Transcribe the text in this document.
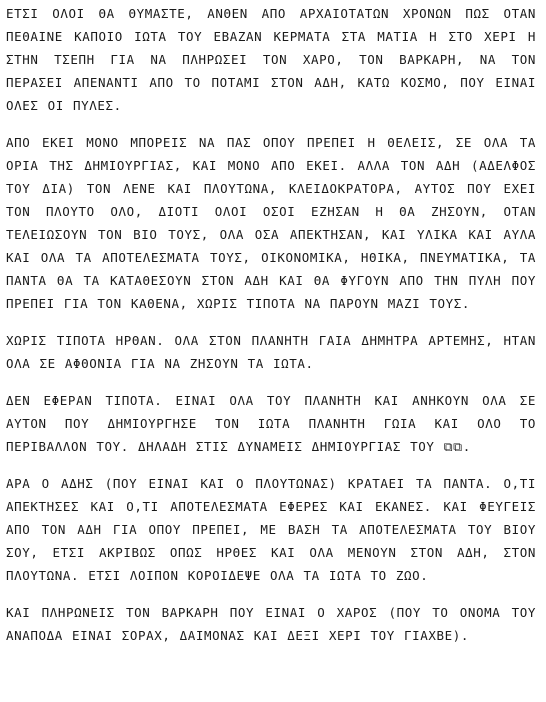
ΕΤΣΙ ΟΛΟΙ ΘΑ ΘΥΜΑΣΤΕ, ΑΝΘΕΝ ΑΠΟ ΑΡΧΑΙΟΤΑΤΩΝ ΧΡΟΝΩΝ ΠΩΣ ΟΤΑΝ ΠΕΘΑΙΝΕ ΚΑΠΟΙΟ ΙΩΤΑ ΤΟΥ ΕΒΑΖΑΝ ΚΕΡΜΑΤΑ ΣΤΑ ΜΑΤΙΑ Η ΣΤΟ ΧΕΡΙ Η ΣΤΗΝ ΤΣΕΠΗ ΓΙΑ ΝΑ ΠΛΗΡΩΣΕΙ ΤΟΝ ΧΑΡΟ, ΤΟΝ ΒΑΡΚΑΡΗ, ΝΑ ΤΟΝ ΠΕΡΑΣΕΙ ΑΠΕΝΑΝΤΙ ΑΠΟ ΤΟ ΠΟΤΑΜΙ ΣΤΟΝ ΑΔΗ, ΚΑΤΩ ΚΟΣΜΟ, ΠΟΥ ΕΙΝΑΙ ΟΛΕΣ ΟΙ ΠΥΛΕΣ.

ΑΠΟ ΕΚΕΙ ΜΟΝΟ ΜΠΟΡΕΙΣ ΝΑ ΠΑΣ ΟΠΟΥ ΠΡΕΠΕΙ Η ΘΕΛΕΙΣ, ΣΕ ΟΛΑ ΤΑ ΟΡΙΑ ΤΗΣ ΔΗΜΙΟΥΡΓΙΑΣ, ΚΑΙ ΜΟΝΟ ΑΠΟ ΕΚΕΙ. ΑΛΛΑ ΤΟΝ ΑΔΗ (ΑΔΕΛΦΟΣ ΤΟΥ ΔΙΑ) ΤΟΝ ΛΕΝΕ ΚΑΙ ΠΛΟΥΤΩΝΑ, ΚΛΕΙΔΟΚΡΑΤΟΡΑ, ΑΥΤΟΣ ΠΟΥ ΕΧΕΙ ΤΟΝ ΠΛΟΥΤΟ ΟΛΟ, ΔΙΟΤΙ ΟΛΟΙ ΟΣΟΙ ΕΖΗΣΑΝ Η ΘΑ ΖΗΣΟΥΝ, ΟΤΑΝ ΤΕΛΕΙΩΣΟΥΝ ΤΟΝ ΒΙΟ ΤΟΥΣ, ΟΛΑ ΟΣΑ ΑΠΕΚΤΗΣΑΝ, ΚΑΙ ΥΛΙΚΑ ΚΑΙ ΑΥΛΑ ΚΑΙ ΟΛΑ ΤΑ ΑΠΟΤΕΛΕΣΜΑΤΑ ΤΟΥΣ, ΟΙΚΟΝΟΜΙΚΑ, ΗΘΙΚΑ, ΠΝΕΥΜΑΤΙΚΑ, ΤΑ ΠΑΝΤΑ ΘΑ ΤΑ ΚΑΤΑΘΕΣΟΥΝ ΣΤΟΝ ΑΔΗ ΚΑΙ ΘΑ ΦΥΓΟΥΝ ΑΠΟ ΤΗΝ ΠΥΛΗ ΠΟΥ ΠΡΕΠΕΙ ΓΙΑ ΤΟΝ ΚΑΘΕΝΑ, ΧΩΡΙΣ ΤΙΠΟΤΑ ΝΑ ΠΑΡΟΥΝ ΜΑΖΙ ΤΟΥΣ.

ΧΩΡΙΣ ΤΙΠΟΤΑ ΗΡΘΑΝ. ΟΛΑ ΣΤΟΝ ΠΛΑΝΗΤΗ ΓΑΙΑ ΔΗΜΗΤΡΑ ΑΡΤΕΜΗΣ, ΗΤΑΝ ΟΛΑ ΣΕ ΑΦΘΟΝΙΑ ΓΙΑ ΝΑ ΖΗΣΟΥΝ ΤΑ ΙΩΤΑ.

ΔΕΝ ΕΦΕΡΑΝ ΤΙΠΟΤΑ. ΕΙΝΑΙ ΟΛΑ ΤΟΥ ΠΛΑΝΗΤΗ ΚΑΙ ΑΝΗΚΟΥΝ ΟΛΑ ΣΕ ΑΥΤΟΝ ΠΟΥ ΔΗΜΙΟΥΡΓΗΣΕ ΤΟΝ ΙΩΤΑ ΠΛΑΝΗΤΗ ΓΩΙΑ ΚΑΙ ΟΛΟ ΤΟ ΠΕΡΙΒΑΛΛΟΝ ΤΟΥ. ΔΗΛΑΔΗ ΣΤΙΣ ΔΥΝΑΜΕΙΣ ΔΗΜΙΟΥΡΓΙΑΣ ΤΟΥ ⧉⧉.

ΑΡΑ Ο ΑΔΗΣ (ΠΟΥ ΕΙΝΑΙ ΚΑΙ Ο ΠΛΟΥΤΩΝΑΣ) ΚΡΑΤΑΕΙ ΤΑ ΠΑΝΤΑ. Ο,ΤΙ ΑΠΕΚΤΗΣΕΣ ΚΑΙ Ο,ΤΙ ΑΠΟΤΕΛΕΣΜΑΤΑ ΕΦΕΡΕΣ ΚΑΙ ΕΚΑΝΕΣ. ΚΑΙ ΦΕΥΓΕΙΣ ΑΠΟ ΤΟΝ ΑΔΗ ΓΙΑ ΟΠΟΥ ΠΡΕΠΕΙ, ΜΕ ΒΑΣΗ ΤΑ ΑΠΟΤΕΛΕΣΜΑΤΑ ΤΟΥ ΒΙΟΥ ΣΟΥ, ΕΤΣΙ ΑΚΡΙΒΩΣ ΟΠΩΣ ΗΡΘΕΣ ΚΑΙ ΟΛΑ ΜΕΝΟΥΝ ΣΤΟΝ ΑΔΗ, ΣΤΟΝ ΠΛΟΥΤΩΝΑ. ΕΤΣΙ ΛΟΙΠΟΝ ΚΟΡΟΙΔΕΨΕ ΟΛΑ ΤΑ ΙΩΤΑ ΤΟ ΖΩΟ.

ΚΑΙ ΠΛΗΡΩΝΕΙΣ ΤΟΝ ΒΑΡΚΑΡΗ ΠΟΥ ΕΙΝΑΙ Ο ΧΑΡΟΣ (ΠΟΥ ΤΟ ΟΝΟΜΑ ΤΟΥ ΑΝΑΠΟΔΑ ΕΙΝΑΙ ΣΟΡΑΧ, ΔΑΙΜΟΝΑΣ ΚΑΙ ΔΕΞΙ ΧΕΡΙ ΤΟΥ ΓΙΑΧΒΕ).
